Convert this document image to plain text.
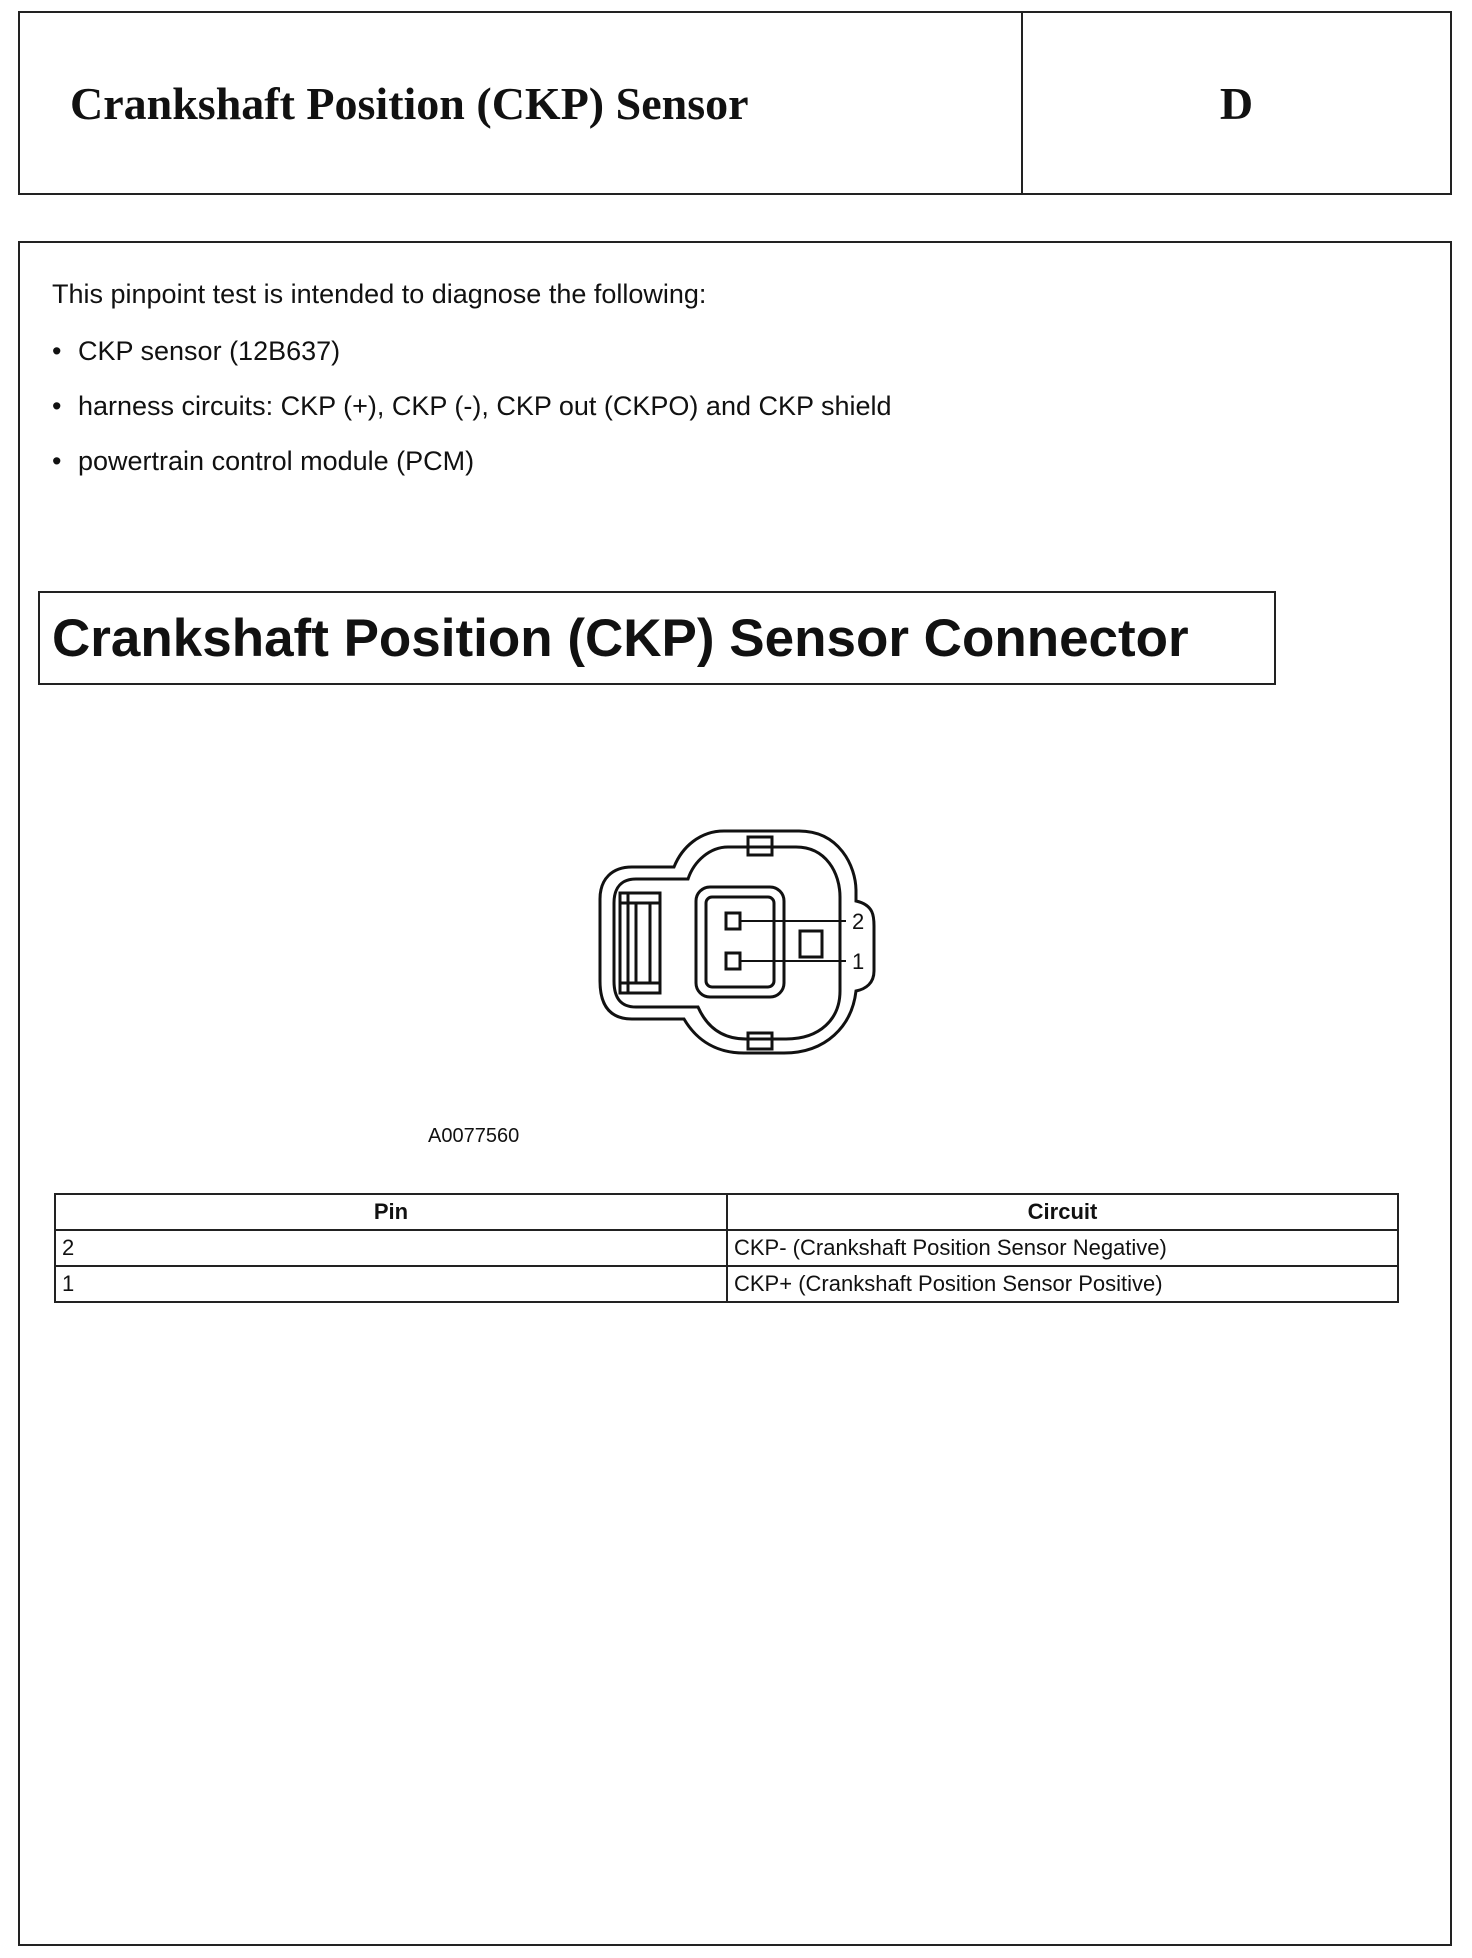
Crankshaft Position (CKP) Sensor	D
This pinpoint test is intended to diagnose the following:
• CKP sensor (12B637)
• harness circuits: CKP (+), CKP (-), CKP out (CKPO) and CKP shield
• powertrain control module (PCM)
Crankshaft Position (CKP) Sensor Connector
2
1
A0077560
Pin	Circuit
2	CKP- (Crankshaft Position Sensor Negative)
1	CKP+ (Crankshaft Position Sensor Positive)
